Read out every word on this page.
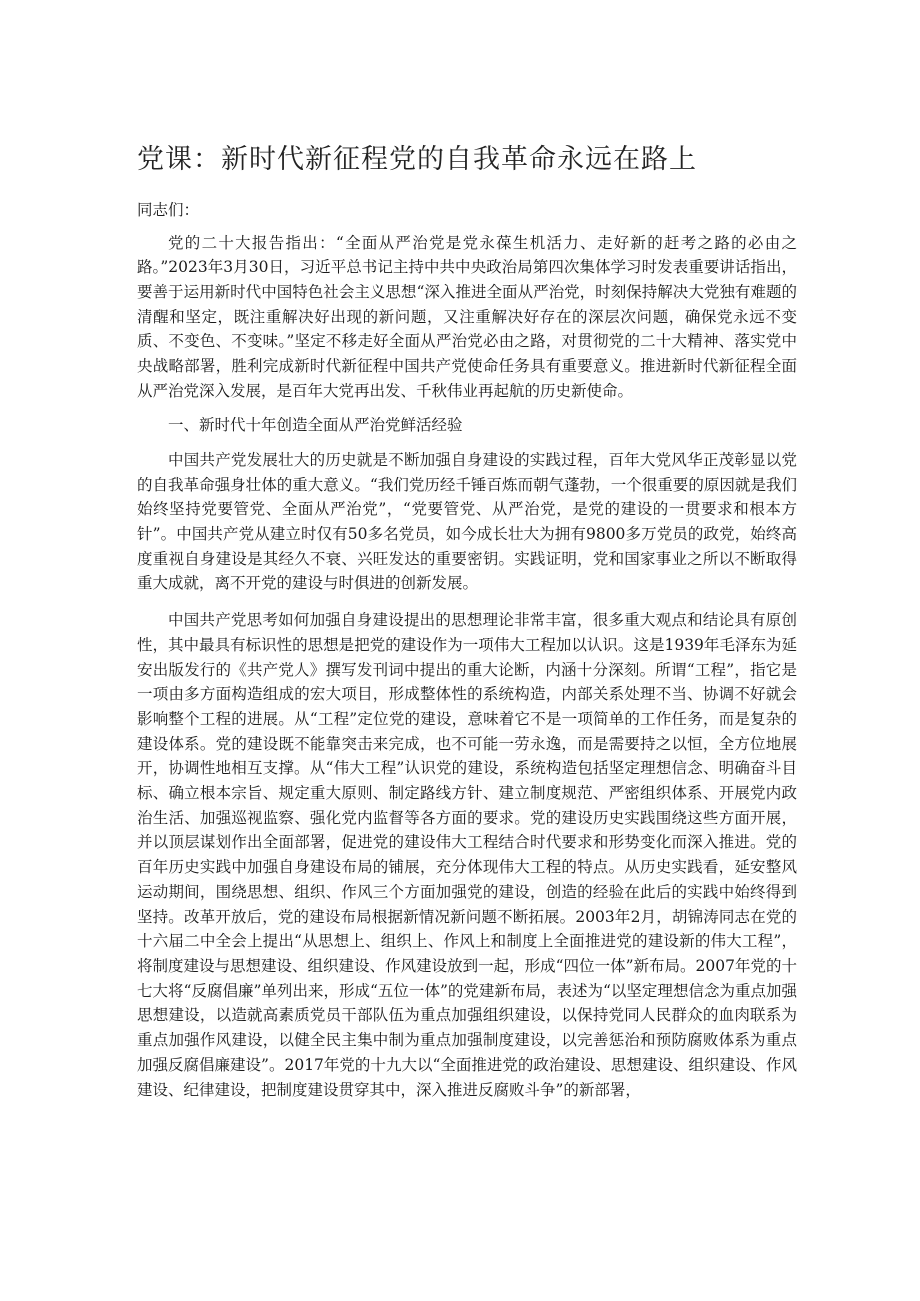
党课：新时代新征程党的自我革命永远在路上

同志们：

党的二十大报告指出：“全面从严治党是党永葆生机活力、走好新的赶考之路的必由之路。”2023年3月30日，习近平总书记主持中共中央政治局第四次集体学习时发表重要讲话指出，要善于运用新时代中国特色社会主义思想“深入推进全面从严治党，时刻保持解决大党独有难题的清醒和坚定，既注重解决好出现的新问题，又注重解决好存在的深层次问题，确保党永远不变质、不变色、不变味。”坚定不移走好全面从严治党必由之路，对贯彻党的二十大精神、落实党中央战略部署，胜利完成新时代新征程中国共产党使命任务具有重要意义。推进新时代新征程全面从严治党深入发展，是百年大党再出发、千秋伟业再起航的历史新使命。

一、新时代十年创造全面从严治党鲜活经验

中国共产党发展壮大的历史就是不断加强自身建设的实践过程，百年大党风华正茂彰显以党的自我革命强身壮体的重大意义。“我们党历经千锤百炼而朝气蓬勃，一个很重要的原因就是我们始终坚持党要管党、全面从严治党”，“党要管党、从严治党，是党的建设的一贯要求和根本方针”。中国共产党从建立时仅有50多名党员，如今成长壮大为拥有9800多万党员的政党，始终高度重视自身建设是其经久不衰、兴旺发达的重要密钥。实践证明，党和国家事业之所以不断取得重大成就，离不开党的建设与时俱进的创新发展。

中国共产党思考如何加强自身建设提出的思想理论非常丰富，很多重大观点和结论具有原创性，其中最具有标识性的思想是把党的建设作为一项伟大工程加以认识。这是1939年毛泽东为延安出版发行的《共产党人》撰写发刊词中提出的重大论断，内涵十分深刻。所谓“工程”，指它是一项由多方面构造组成的宏大项目，形成整体性的系统构造，内部关系处理不当、协调不好就会影响整个工程的进展。从“工程”定位党的建设，意味着它不是一项简单的工作任务，而是复杂的建设体系。党的建设既不能靠突击来完成，也不可能一劳永逸，而是需要持之以恒，全方位地展开，协调性地相互支撑。从“伟大工程”认识党的建设，系统构造包括坚定理想信念、明确奋斗目标、确立根本宗旨、规定重大原则、制定路线方针、建立制度规范、严密组织体系、开展党内政治生活、加强巡视监察、强化党内监督等各方面的要求。党的建设历史实践围绕这些方面开展，并以顶层谋划作出全面部署，促进党的建设伟大工程结合时代要求和形势变化而深入推进。党的百年历史实践中加强自身建设布局的铺展，充分体现伟大工程的特点。从历史实践看，延安整风运动期间，围绕思想、组织、作风三个方面加强党的建设，创造的经验在此后的实践中始终得到坚持。改革开放后，党的建设布局根据新情况新问题不断拓展。2003年2月，胡锦涛同志在党的十六届二中全会上提出“从思想上、组织上、作风上和制度上全面推进党的建设新的伟大工程”，将制度建设与思想建设、组织建设、作风建设放到一起，形成“四位一体”新布局。2007年党的十七大将“反腐倡廉”单列出来，形成“五位一体”的党建新布局，表述为“以坚定理想信念为重点加强思想建设，以造就高素质党员干部队伍为重点加强组织建设，以保持党同人民群众的血肉联系为重点加强作风建设，以健全民主集中制为重点加强制度建设，以完善惩治和预防腐败体系为重点加强反腐倡廉建设”。2017年党的十九大以“全面推进党的政治建设、思想建设、组织建设、作风建设、纪律建设，把制度建设贯穿其中，深入推进反腐败斗争”的新部署，
